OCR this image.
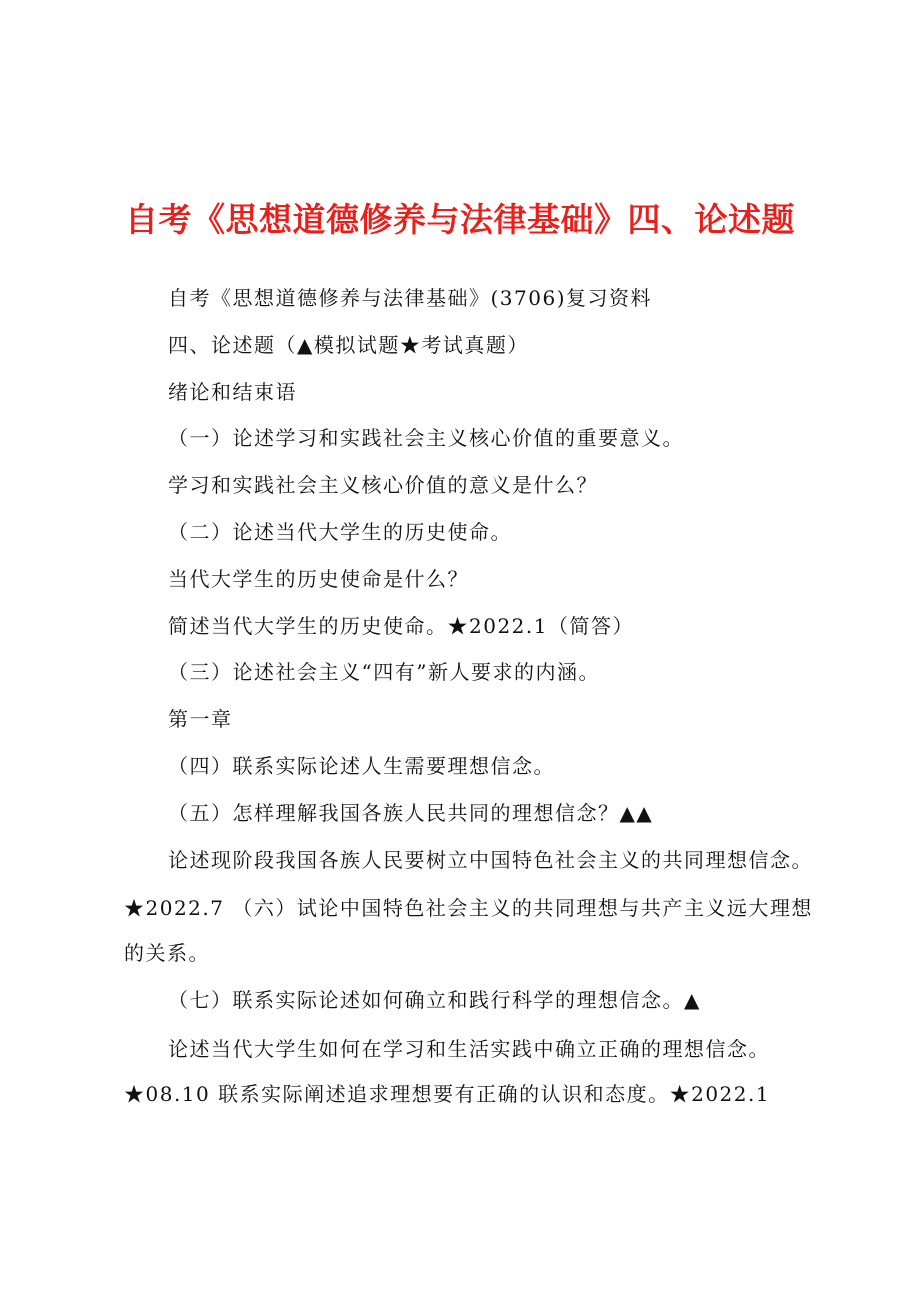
自考《思想道德修养与法律基础》四、论述题

自考《思想道德修养与法律基础》(3706)复习资料

四、论述题（▲模拟试题★考试真题）

绪论和结束语

（一）论述学习和实践社会主义核心价值的重要意义。

学习和实践社会主义核心价值的意义是什么？

（二）论述当代大学生的历史使命。

当代大学生的历史使命是什么？

简述当代大学生的历史使命。★2022.1（简答）

（三）论述社会主义“四有”新人要求的内涵。

第一章

（四）联系实际论述人生需要理想信念。

（五）怎样理解我国各族人民共同的理想信念？▲▲

论述现阶段我国各族人民要树立中国特色社会主义的共同理想信念。

★2022.7 （六）试论中国特色社会主义的共同理想与共产主义远大理想的关系。

（七）联系实际论述如何确立和践行科学的理想信念。▲

论述当代大学生如何在学习和生活实践中确立正确的理想信念。★08.10 联系实际阐述追求理想要有正确的认识和态度。★2022.1
